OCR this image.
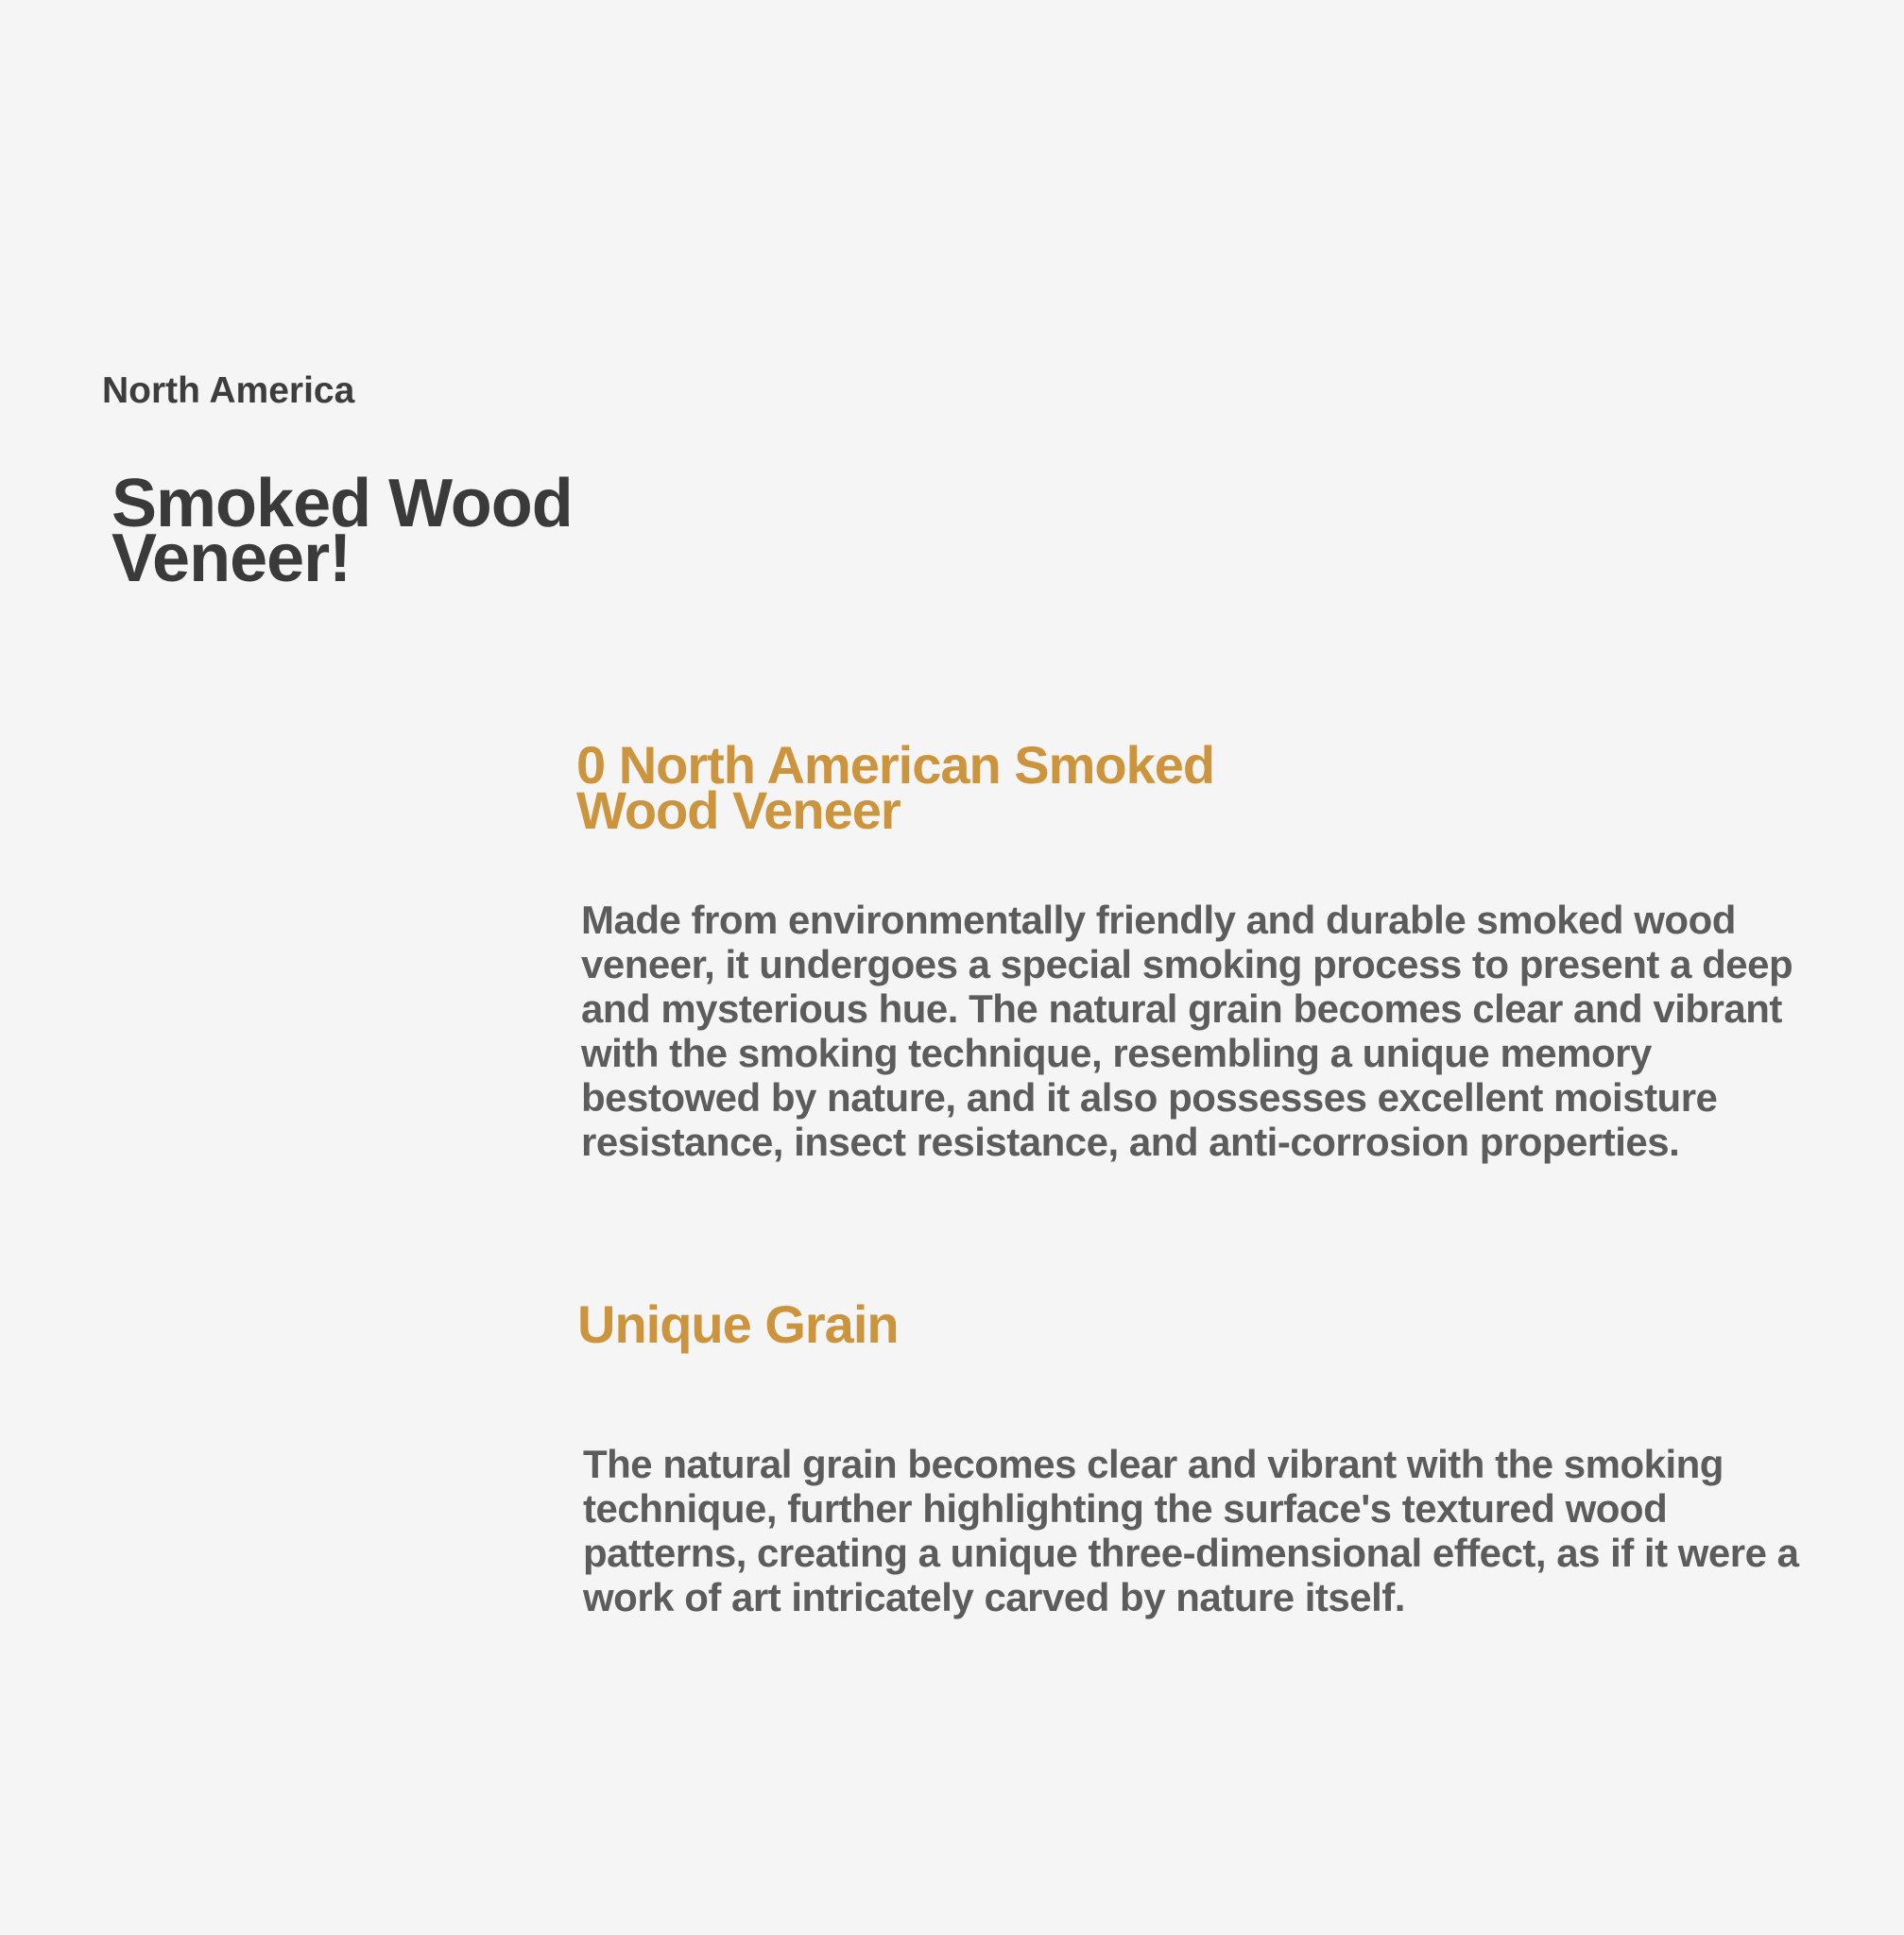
North America
Smoked Wood Veneer!
0 North American Smoked Wood Veneer

Made from environmentally friendly and durable smoked wood veneer, it undergoes a special smoking process to present a deep and mysterious hue. The natural grain becomes clear and vibrant with the smoking technique, resembling a unique memory bestowed by nature, and it also possesses excellent moisture resistance, insect resistance, and anti-corrosion properties.

Unique Grain

The natural grain becomes clear and vibrant with the smoking technique, further highlighting the surface's textured wood patterns, creating a unique three-dimensional effect, as if it were a work of art intricately carved by nature itself.
